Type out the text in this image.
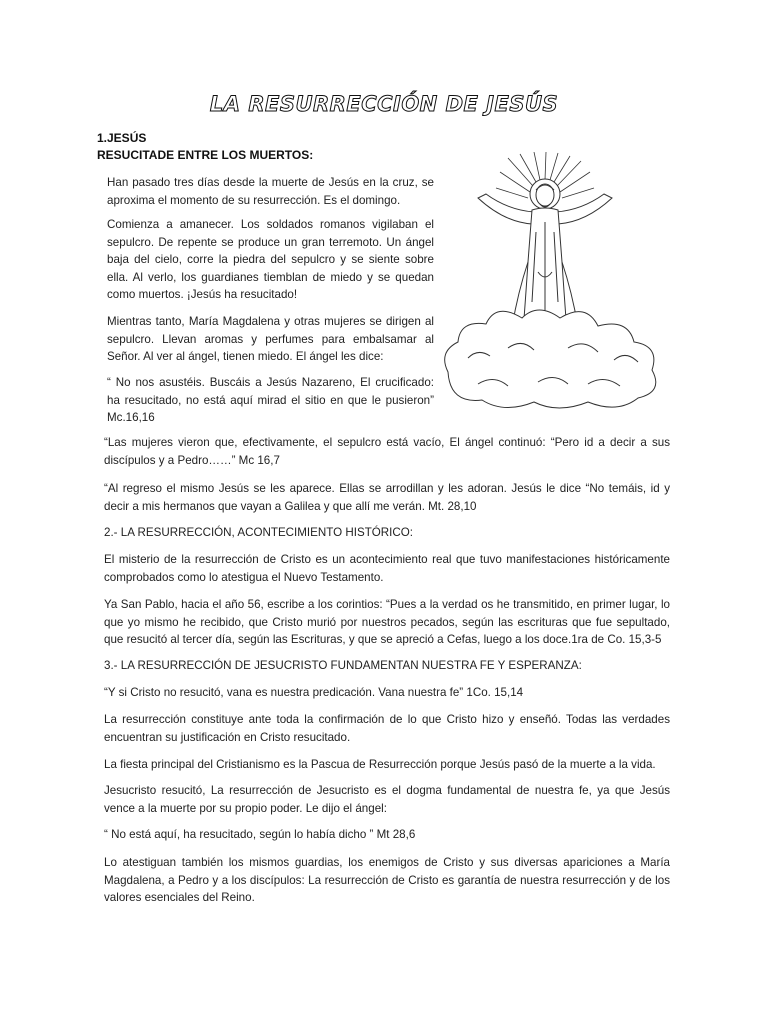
LA RESURRECCIÓN DE JESÚS
1.JESÚS
RESUCITADE ENTRE LOS MUERTOS:

Han pasado tres días desde la muerte de Jesús en la cruz, se aproxima el momento de su resurrección. Es el domingo.

Comienza a amanecer. Los soldados romanos vigilaban el sepulcro. De repente se produce un gran terremoto. Un ángel baja del cielo, corre la piedra del sepulcro y se siente sobre ella. Al verlo, los guardianes tiemblan de miedo y se quedan como muertos. ¡Jesús ha resucitado!

Mientras tanto, María Magdalena y otras mujeres se dirigen al sepulcro. Llevan aromas y perfumes para embalsamar al Señor. Al ver al ángel, tienen miedo. El ángel les dice:

“ No nos asustéis. Buscáis a Jesús Nazareno, El crucificado: ha resucitado, no está aquí mirad el sitio en que le pusieron” Mc.16,16

“Las mujeres vieron que, efectivamente, el sepulcro está vacío, El ángel continuó: “Pero id a decir a sus discípulos y a Pedro……” Mc 16,7

“Al regreso el mismo Jesús se les aparece. Ellas se arrodillan y les adoran. Jesús le dice “No temáis, id y decir a mis hermanos que vayan a Galilea y que allí me verán. Mt. 28,10

2.- LA RESURRECCIÓN, ACONTECIMIENTO HISTÓRICO:

El misterio de la resurrección de Cristo es un acontecimiento real que tuvo manifestaciones históricamente comprobados como lo atestigua el Nuevo Testamento.

Ya San Pablo, hacia el año 56, escribe a los corintios: “Pues a la verdad os he transmitido, en primer lugar, lo que yo mismo he recibido, que Cristo murió por nuestros pecados, según las escrituras que fue sepultado, que resucitó al tercer día, según las Escrituras, y que se apreció a Cefas, luego a los doce.1ra de Co. 15,3-5

3.- LA RESURRECCIÓN DE JESUCRISTO FUNDAMENTAN NUESTRA FE Y ESPERANZA:

“Y si Cristo no resucitó, vana es nuestra predicación. Vana nuestra fe” 1Co. 15,14

La resurrección constituye ante toda la confirmación de lo que Cristo hizo y enseñó. Todas las verdades encuentran su justificación en Cristo resucitado.

La fiesta principal del Cristianismo es la Pascua de Resurrección porque Jesús pasó de la muerte a la vida.

Jesucristo resucitó, La resurrección de Jesucristo es el dogma fundamental de nuestra fe, ya que Jesús vence a la muerte por su propio poder. Le dijo el ángel:

“ No está aquí, ha resucitado, según lo había dicho ” Mt 28,6

Lo atestiguan también los mismos guardias, los enemigos de Cristo y sus diversas apariciones a María Magdalena, a Pedro y a los discípulos: La resurrección de Cristo es garantía de nuestra resurrección y de los valores esenciales del Reino.
